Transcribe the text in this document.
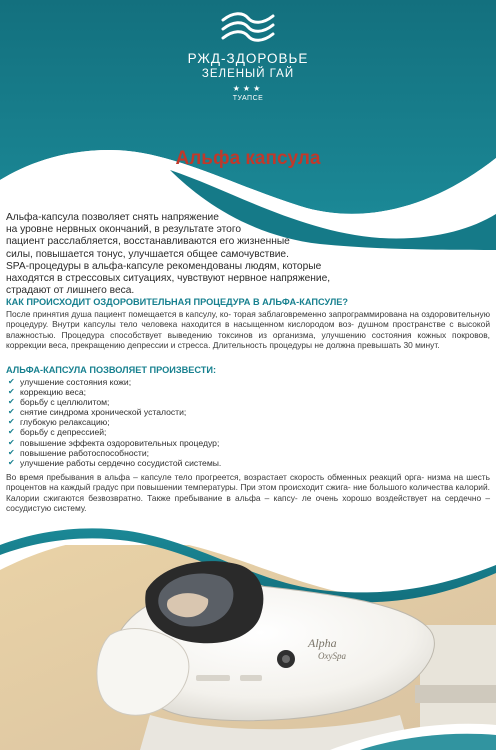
РЖД-ЗДОРОВЬЕ
ЗЕЛЕНЫЙ ГАЙ
★★★
ТУАПСЕ
Альфа капсула

Альфа-капсула позволяет снять напряжение
на уровне нервных окончаний, в результате этого
пациент расслабляется, восстанавливаются его жизненные
силы, повышается тонус, улучшается общее самочувствие.
SPA-процедуры в альфа-капсуле рекомендованы людям, которые
находятся в стрессовых ситуациях, чувствуют нервное напряжение,
страдают от лишнего веса.

КАК ПРОИСХОДИТ ОЗДОРОВИТЕЛЬНАЯ ПРОЦЕДУРА В АЛЬФА-КАПСУЛЕ?

После принятия душа пациент помещается в капсулу, ко- торая заблаговременно запрограммирована на оздоровительную процедуру. Внутри капсулы тело человека находится в насыщенном кислородом воз- душном пространстве с высокой влажностью. Процедура способствует выведению токсинов из организма, улучшению состояния кожных покровов, коррекции веса, прекращению депрессии и стресса. Длительность процедуры не должна превышать 30 минут.

АЛЬФА-КАПСУЛА ПОЗВОЛЯЕТ ПРОИЗВЕСТИ:
✔ улучшение состояния кожи;
✔ коррекцию веса;
✔ борьбу с целлюлитом;
✔ снятие синдрома хронической усталости;
✔ глубокую релаксацию;
✔ борьбу с депрессией;
✔ повышение эффекта оздоровительных процедур;
✔ повышение работоспособности;
✔ улучшение работы сердечно сосудистой системы.

Во время пребывания в альфа – капсуле тело прогреется, возрастает скорость обменных реакций орга- низма на шесть процентов на каждый градус при повышении температуры. При этом происходит сжига- ние большого количества калорий. Калории сжигаются безвозвратно. Также пребывание в альфа – капсу- ле очень хорошо воздействует на сердечно – сосудистую систему.

Alpha
OxySpa
